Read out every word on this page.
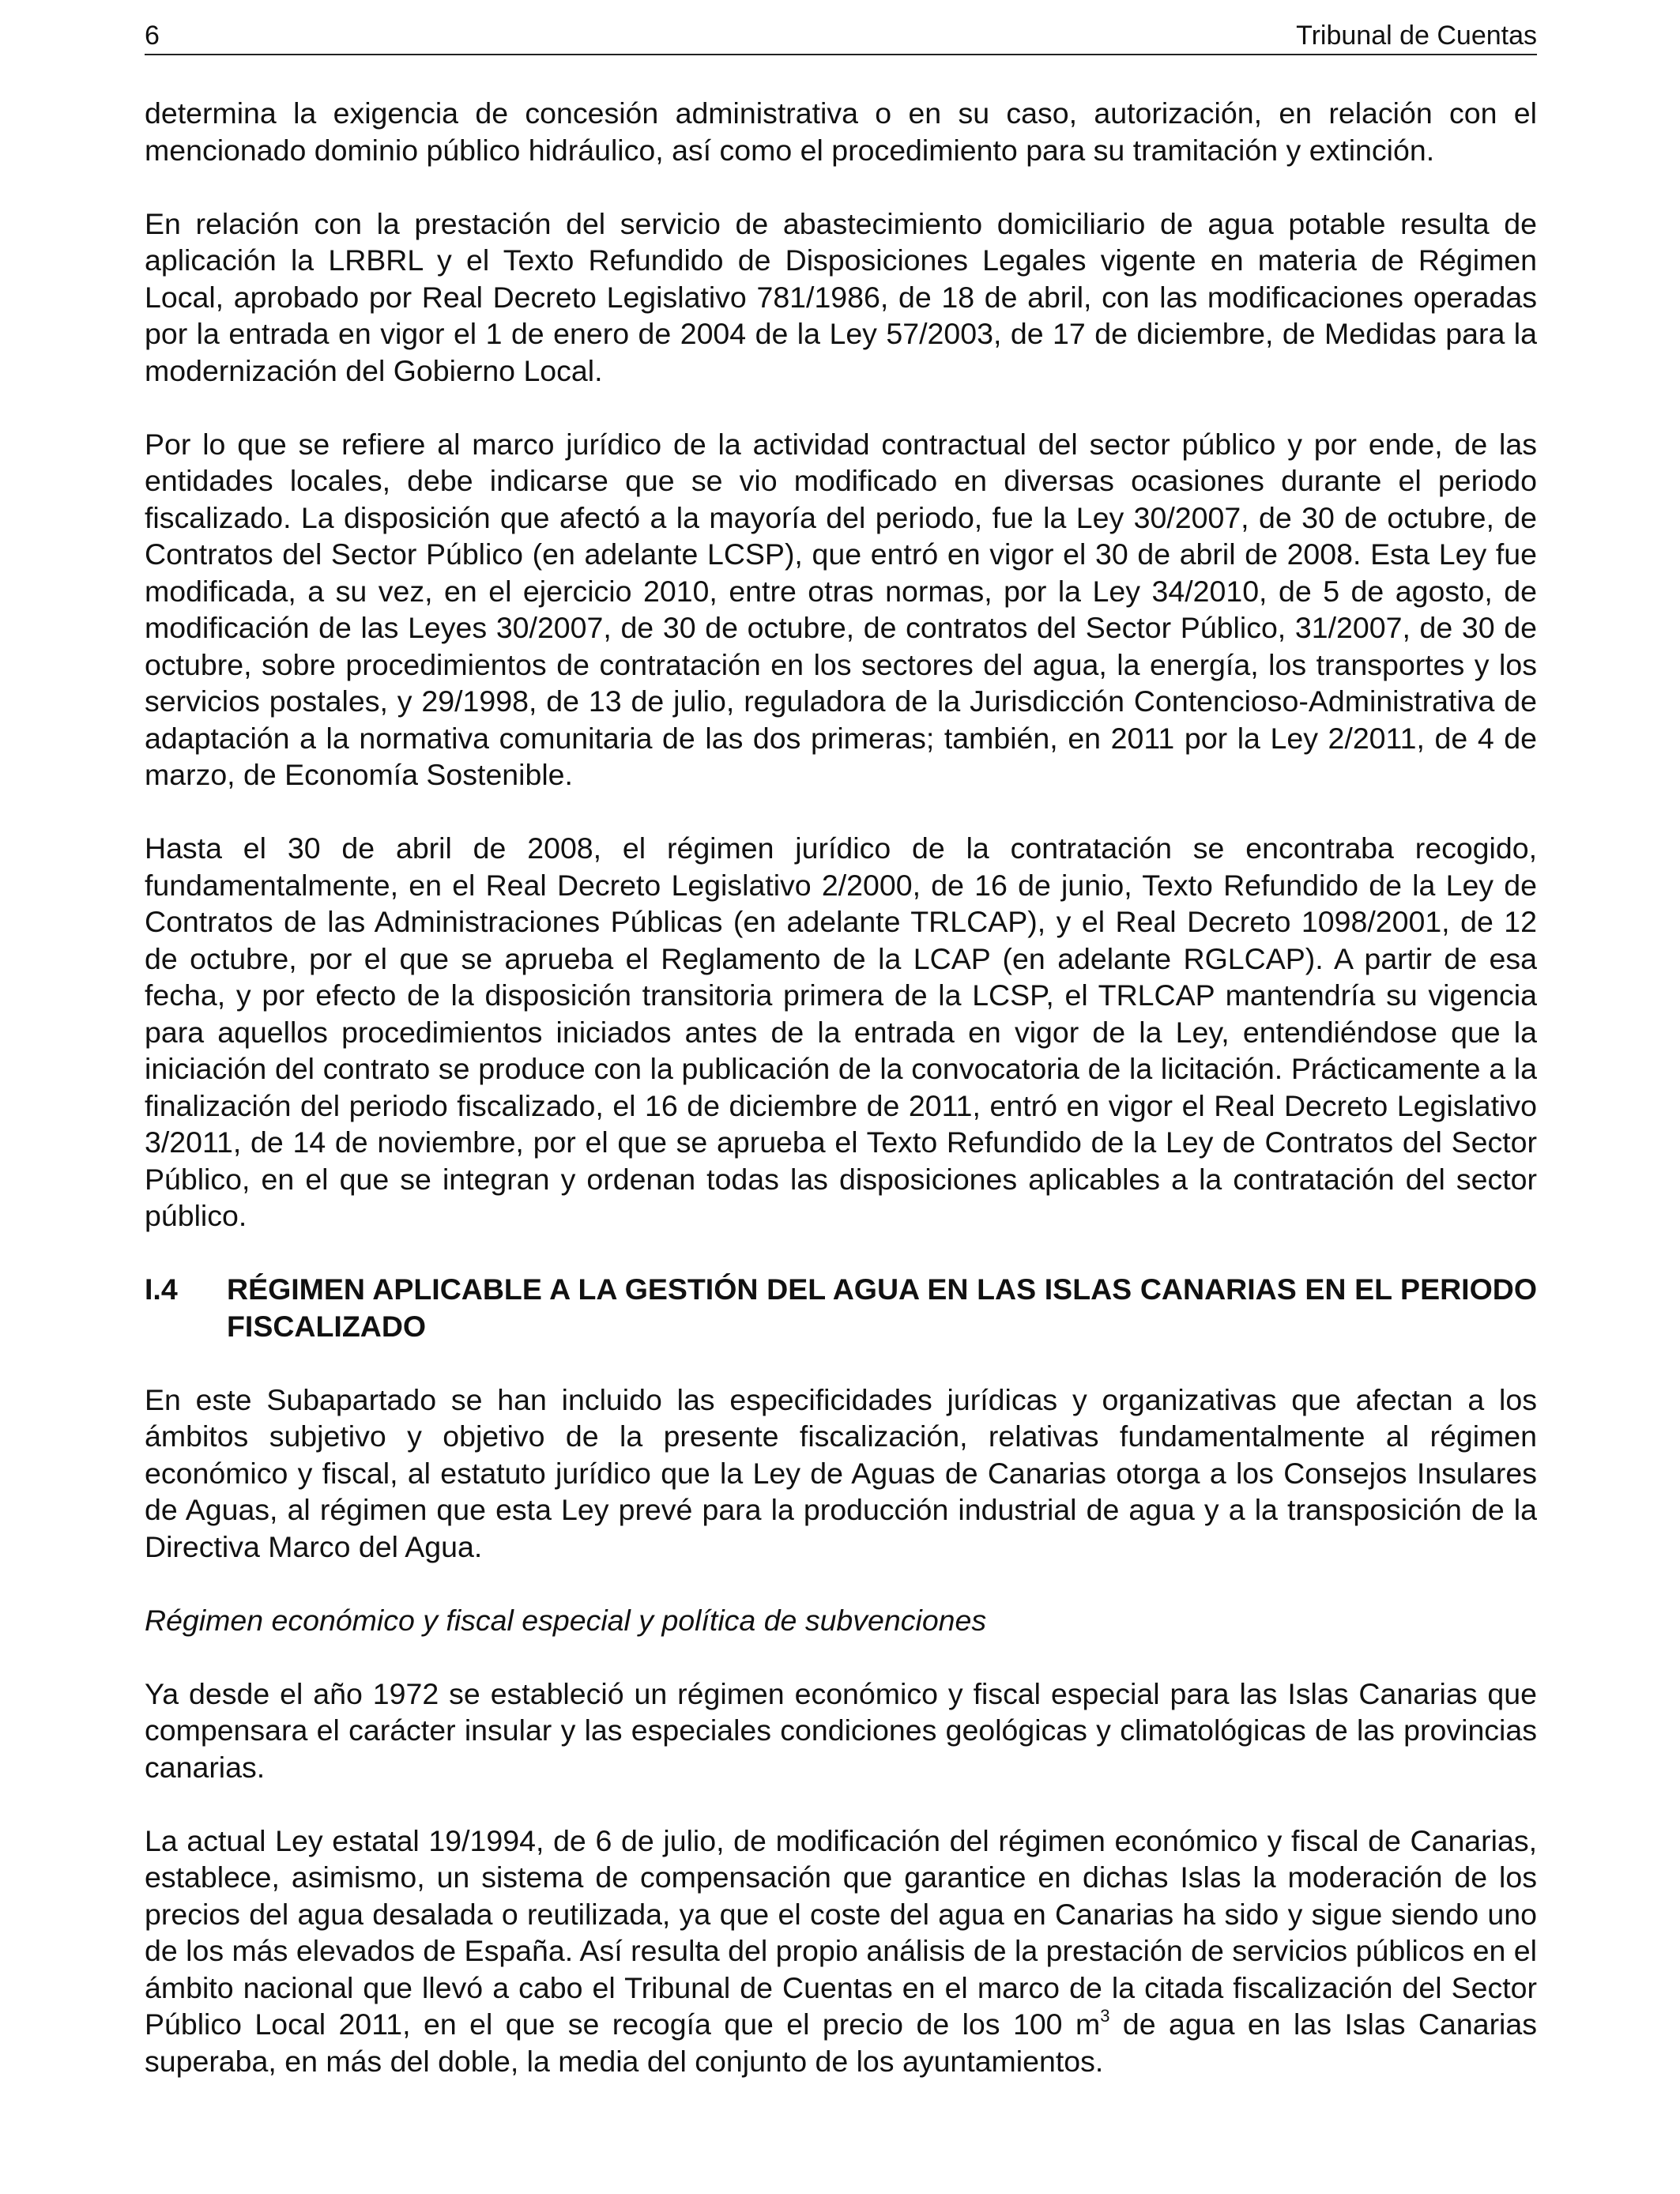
6	Tribunal de Cuentas

determina la exigencia de concesión administrativa o en su caso, autorización, en relación con el mencionado dominio público hidráulico, así como el procedimiento para su tramitación y extinción.

En relación con la prestación del servicio de abastecimiento domiciliario de agua potable resulta de aplicación la LRBRL y el Texto Refundido de Disposiciones Legales vigente en materia de Régimen Local, aprobado por Real Decreto Legislativo 781/1986, de 18 de abril, con las modificaciones operadas por la entrada en vigor el 1 de enero de 2004 de la Ley 57/2003, de 17 de diciembre, de Medidas para la modernización del Gobierno Local.

Por lo que se refiere al marco jurídico de la actividad contractual del sector público y por ende, de las entidades locales, debe indicarse que se vio modificado en diversas ocasiones durante el periodo fiscalizado. La disposición que afectó a la mayoría del periodo, fue la Ley 30/2007, de 30 de octubre, de Contratos del Sector Público (en adelante LCSP), que entró en vigor el 30 de abril de 2008. Esta Ley fue modificada, a su vez, en el ejercicio 2010, entre otras normas, por la Ley 34/2010, de 5 de agosto, de modificación de las Leyes 30/2007, de 30 de octubre, de contratos del Sector Público, 31/2007, de 30 de octubre, sobre procedimientos de contratación en los sectores del agua, la energía, los transportes y los servicios postales, y 29/1998, de 13 de julio, reguladora de la Jurisdicción Contencioso-Administrativa de adaptación a la normativa comunitaria de las dos primeras; también, en 2011 por la Ley 2/2011, de 4 de marzo, de Economía Sostenible.

Hasta el 30 de abril de 2008, el régimen jurídico de la contratación se encontraba recogido, fundamentalmente, en el Real Decreto Legislativo 2/2000, de 16 de junio, Texto Refundido de la Ley de Contratos de las Administraciones Públicas (en adelante TRLCAP), y el Real Decreto 1098/2001, de 12 de octubre, por el que se aprueba el Reglamento de la LCAP (en adelante RGLCAP). A partir de esa fecha, y por efecto de la disposición transitoria primera de la LCSP, el TRLCAP mantendría su vigencia para aquellos procedimientos iniciados antes de la entrada en vigor de la Ley, entendiéndose que la iniciación del contrato se produce con la publicación de la convocatoria de la licitación. Prácticamente a la finalización del periodo fiscalizado, el 16 de diciembre de 2011, entró en vigor el Real Decreto Legislativo 3/2011, de 14 de noviembre, por el que se aprueba el Texto Refundido de la Ley de Contratos del Sector Público, en el que se integran y ordenan todas las disposiciones aplicables a la contratación del sector público.

I.4	RÉGIMEN APLICABLE A LA GESTIÓN DEL AGUA EN LAS ISLAS CANARIAS EN EL PERIODO FISCALIZADO

En este Subapartado se han incluido las especificidades jurídicas y organizativas que afectan a los ámbitos subjetivo y objetivo de la presente fiscalización, relativas fundamentalmente al régimen económico y fiscal, al estatuto jurídico que la Ley de Aguas de Canarias otorga a los Consejos Insulares de Aguas, al régimen que esta Ley prevé para la producción industrial de agua y a la transposición de la Directiva Marco del Agua.

Régimen económico y fiscal especial y política de subvenciones

Ya desde el año 1972 se estableció un régimen económico y fiscal especial para las Islas Canarias que compensara el carácter insular y las especiales condiciones geológicas y climatológicas de las provincias canarias.

La actual Ley estatal 19/1994, de 6 de julio, de modificación del régimen económico y fiscal de Canarias, establece, asimismo, un sistema de compensación que garantice en dichas Islas la moderación de los precios del agua desalada o reutilizada, ya que el coste del agua en Canarias ha sido y sigue siendo uno de los más elevados de España. Así resulta del propio análisis de la prestación de servicios públicos en el ámbito nacional que llevó a cabo el Tribunal de Cuentas en el marco de la citada fiscalización del Sector Público Local 2011, en el que se recogía que el precio de los 100 $m^3$ de agua en las Islas Canarias superaba, en más del doble, la media del conjunto de los ayuntamientos.
